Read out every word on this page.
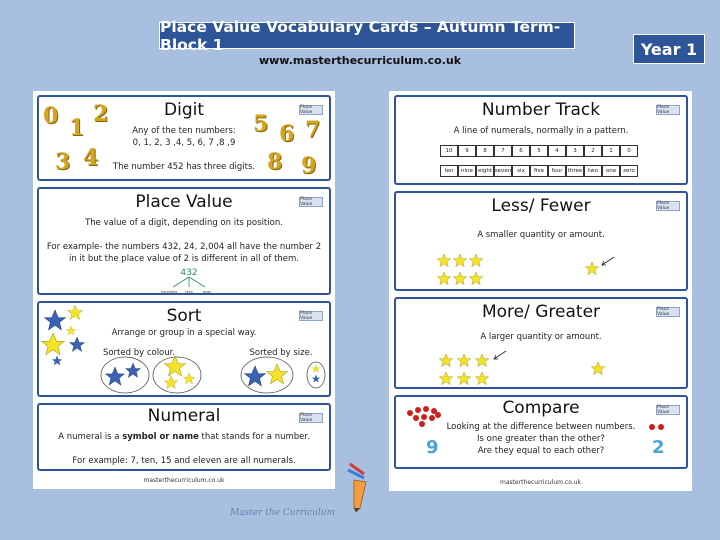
Place Value Vocabulary Cards – Autumn Term- Block 1
www.masterthecurriculum.co.uk
Year 1
Digit	Place Value
Any of the ten numbers:
0, 1, 2, 3 ,4, 5, 6, 7 ,8 ,9
The number 452 has three digits.
0 1
2
3 4
5 6 7
8 9
Place Value	Place Value
The value of a digit, depending on its position.
For example- the numbers 432, 24, 2,004 all have the number 2
in it but the place value of 2 is different in all of them.
432
hundreds tens	ones
Sort	Place Value
Arrange or group in a special way.
Sorted by colour.	Sorted by size.
Numeral	Place Value
A numeral is a symbol or name that stands for a number.
For example: 7, ten, 15 and eleven are all numerals.
masterthecurriculum.co.uk
Number Track	Place Value
A line of numerals, normally in a pattern.
10	9	8	7	6	5	4	3	2	1	0
ten	nine eight seven	six	five	four three	two	one	zero
Less/ Fewer	Place Value
A smaller quantity or amount.
More/ Greater	Place Value
A larger quantity or amount.
Compare	Place Value
Looking at the difference between numbers.
Is one greater than the other?
Are they equal to each other?
9	2
masterthecurriculum.co.uk
Master the Curriculum
